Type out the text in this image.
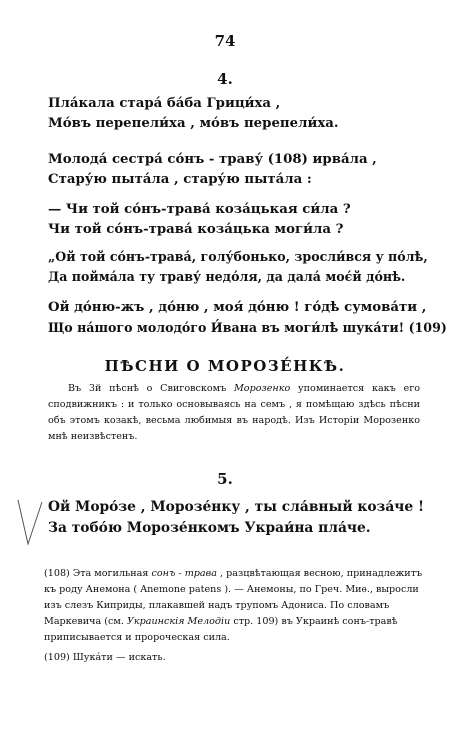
74
4.
Пла́кала стара́ ба́ба Грици́ха ,
Мо́въ перепели́ха , мо́въ перепели́ха.
Молода́ сестра́ со́нъ - траву́ (108) ирва́ла ,
Стару́ю пыта́ла , стару́ю пыта́ла :
— Чи той со́нъ-трава́ коза́цькая си́ла ?
Чи той со́нъ-трава́ коза́цька моги́ла ?
„Ой той со́нъ-трава́, голу́бонько, зросли́вся у по́лѣ,
Да пойма́ла ту траву́ недо́ля, да дала́ моє́й до́нѣ.
Ой до́ню-жъ , до́ню , моя́ до́ню ! го́дѣ сумова́ти ,
Що на́шого молодо́го И́вана въ моги́лѣ шука́ти! (109)
ПѢСНИ О МОРОЗЕ́НКѢ.
Въ 3й пѣснѣ о Свиговскомъ Морозенко упоминается какъ его сподвижникъ : и только основываясь на семъ , я помѣщаю здѣсь пѣсни объ этомъ козакѣ, весьма любимыя въ народѣ. Изъ Исторіи Морозенко мнѣ неизвѣстенъ.
5.
Ой Моро́зе , Морозе́нку , ты сла́вный коза́че !
За тобо́ю Морозе́нкомъ Украи́на пла́че.

(108) Эта могильная сонъ - трава , разцвѣтающая весною, принадлежитъ къ роду Анемона ( Anemone patens ). — Анемоны, по Греч. Миѳ., выросли изъ слезъ Киприды, плакавшей надъ трупомъ Адониса. По словамъ Маркевича (см. Украинскія Мелодіи стр. 109) въ Украинѣ сонъ-травѣ приписывается и пророческая сила.

(109) Шука́ти — искать.
